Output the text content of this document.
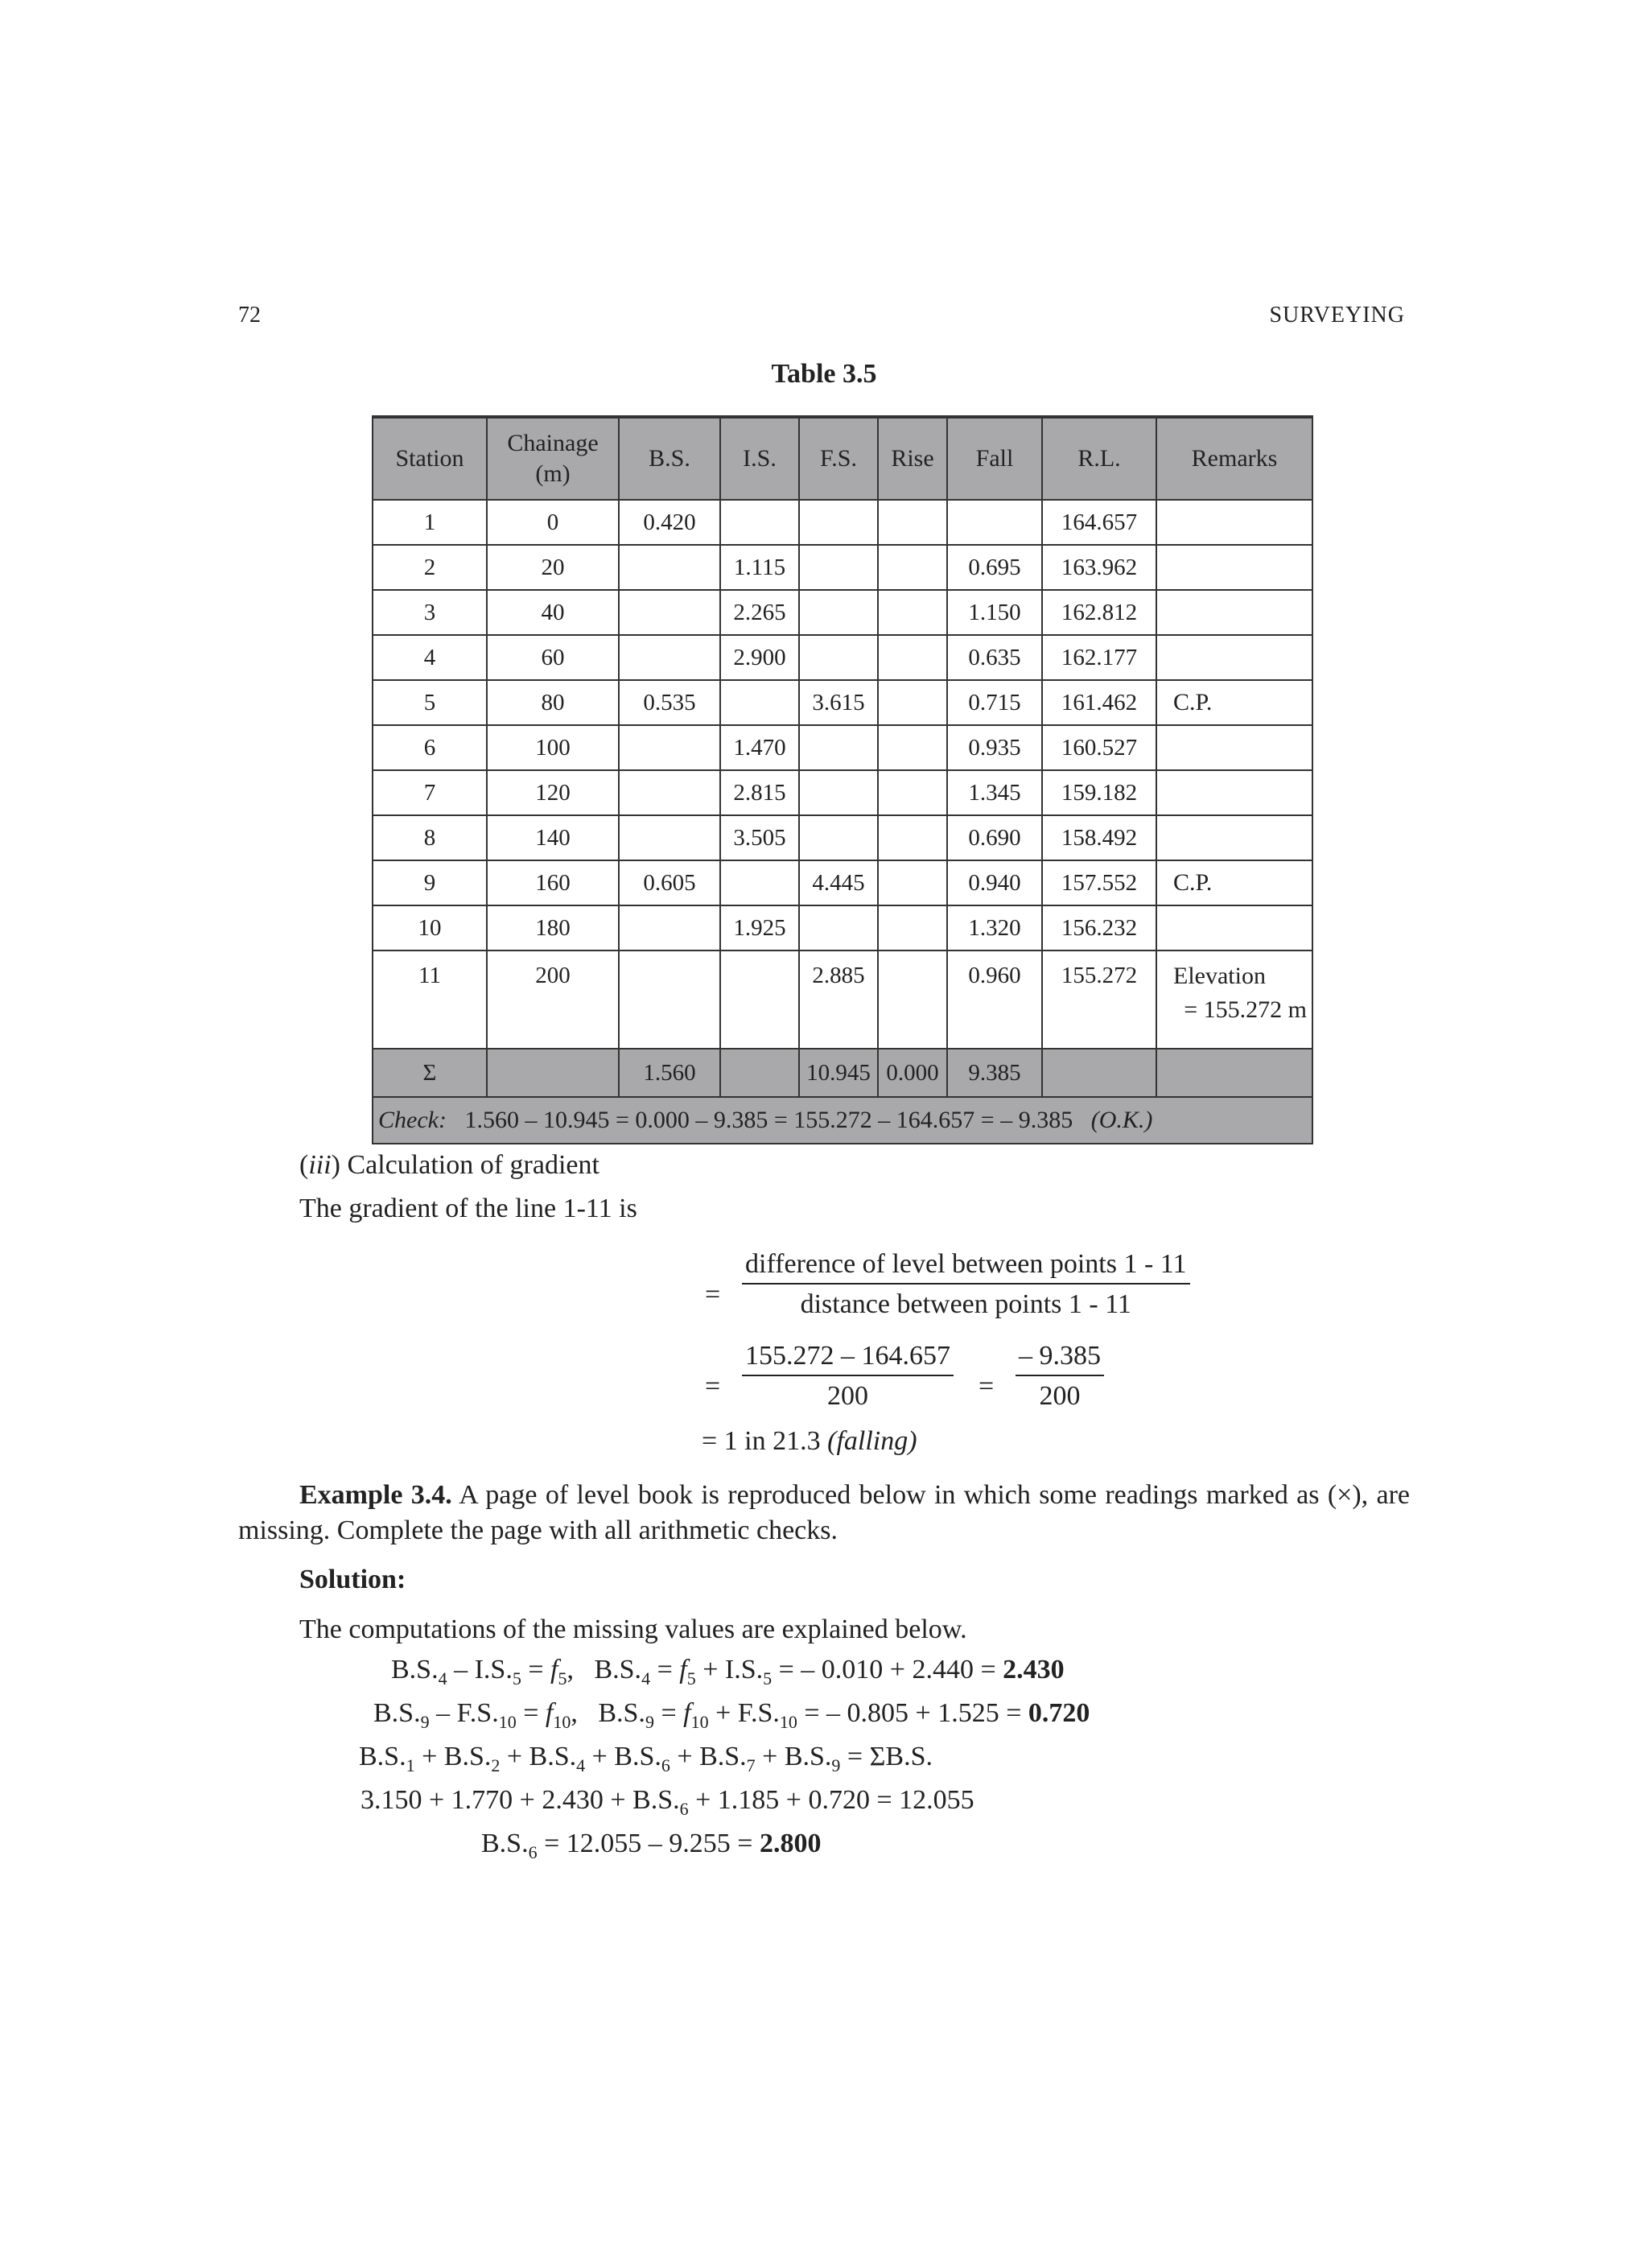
72	SURVEYING
Table 3.5
Station	Chainage (m)	B.S.	I.S.	F.S.	Rise	Fall	R.L.	Remarks
1	0	0.420					164.657	
2	20		1.115			0.695	163.962	
3	40		2.265			1.150	162.812	
4	60		2.900			0.635	162.177	
5	80	0.535		3.615		0.715	161.462	C.P.
6	100		1.470			0.935	160.527	
7	120		2.815			1.345	159.182	
8	140		3.505			0.690	158.492	
9	160	0.605		4.445		0.940	157.552	C.P.
10	180		1.925			1.320	156.232	
11	200			2.885		0.960	155.272	Elevation
= 155.272 m

Σ		1.560		10.945	0.000	9.385		
Check: 1.560 – 10.945 = 0.000 – 9.385 = 155.272 – 164.657 = – 9.385 (O.K.)								
(iii) Calculation of gradient
The gradient of the line 1-11 is
=
difference of level between points 1 - 11
distance between points 1 - 11
= $\frac{155.272 - 164.657}{200} = \frac{- 9.385}{200}$
= 1 in 21.3 (falling)
Example 3.4. A page of level book is reproduced below in which some readings marked as (×), are missing. Complete the page with all arithmetic checks.
Solution:
The computations of the missing values are explained below.
$B.S._4 - I.S._5 = f_5$,   $B.S._4 = f_5 + I.S._5$ = – 0.010 + 2.440 = 2.430
$B.S._9 - F.S._{10} = f_{10}$,   $B.S._9 = f_{10} + F.S._{10}$ = – 0.805 + 1.525 = 0.720
$B.S._1 + B.S._2 + B.S._4 + B.S._6 + B.S._7 + B.S._9 = \Sigma B.S$.
$3.150 + 1.770 + 2.430 + B.S._6 + 1.185 + 0.720 = 12.055$
$B.S._6 = 12.055 - 9.255 = 2.800$
